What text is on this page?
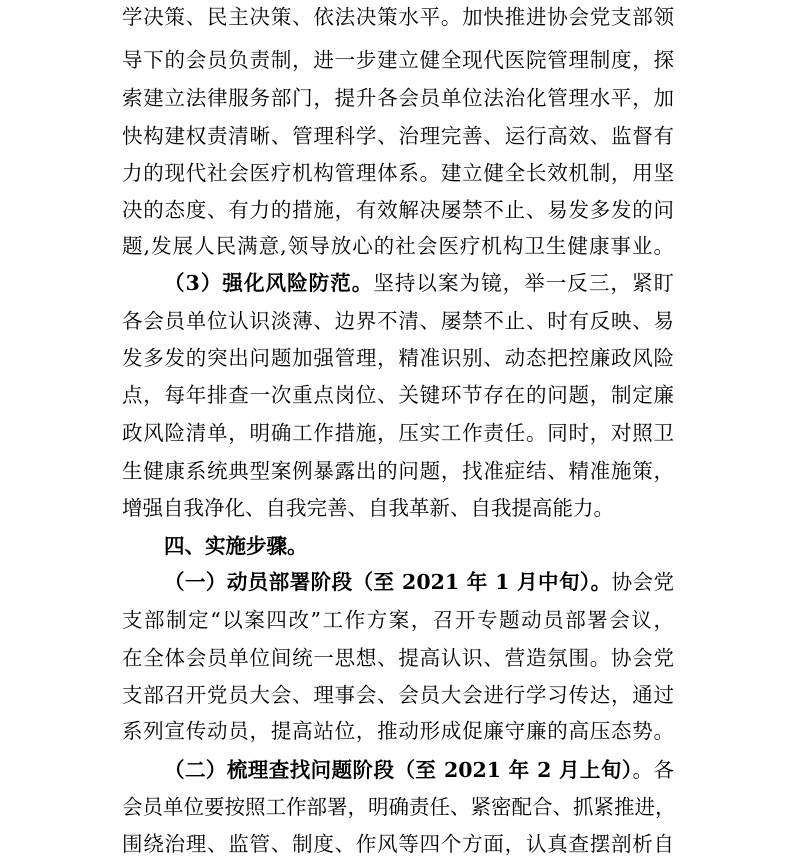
学决策、民主决策、依法决策水平。加快推进协会党支部领
导下的会员负责制，进一步建立健全现代医院管理制度，探
索建立法律服务部门，提升各会员单位法治化管理水平，加
快构建权责清晰、管理科学、治理完善、运行高效、监督有
力的现代社会医疗机构管理体系。建立健全长效机制，用坚
决的态度、有力的措施，有效解决屡禁不止、易发多发的问
题,发展人民满意,领导放心的社会医疗机构卫生健康事业。
（3）强化风险防范。坚持以案为镜，举一反三，紧盯
各会员单位认识淡薄、边界不清、屡禁不止、时有反映、易
发多发的突出问题加强管理，精准识别、动态把控廉政风险
点，每年排查一次重点岗位、关键环节存在的问题，制定廉
政风险清单，明确工作措施，压实工作责任。同时，对照卫
生健康系统典型案例暴露出的问题，找准症结、精准施策，
增强自我净化、自我完善、自我革新、自我提高能力。
四、实施步骤。
（一）动员部署阶段（至 2021 年 1 月中旬）。协会党
支部制定“以案四改”工作方案，召开专题动员部署会议，
在全体会员单位间统一思想、提高认识、营造氛围。协会党
支部召开党员大会、理事会、会员大会进行学习传达，通过
系列宣传动员，提高站位，推动形成促廉守廉的高压态势。
（二）梳理查找问题阶段（至 2021 年 2 月上旬）。各
会员单位要按照工作部署，明确责任、紧密配合、抓紧推进，
围绕治理、监管、制度、作风等四个方面，认真查摆剖析自
